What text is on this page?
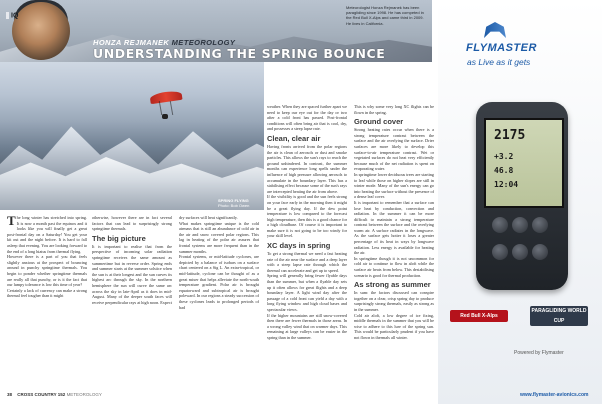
IQ
HONZA REJMANEK METEOROLOGY
UNDERSTANDING THE SPRING BOUNCE
Meteorologist Honza Rejmanek has been paragliding since 1998. He has competed in the Red Bull X-Alps and came third in 2009. He lives in California.
SPRING FLYING
Photo: Bob Owen

The long winter has stretched into spring. It is now a month past the equinox and it looks like you will finally get a great post-frontal day on a Saturday! You get your kit out and the night before. It is hard to fall asleep that evening. You are looking forward to the end of a long hiatus from thermal flying.

However there is a part of you that feels slightly anxious at the prospect of bouncing around in punchy springtime thermals. You begin to ponder whether springtime thermals are really all that punchy, or is it the fact that our lumpy tolerance is low this time of year?

Certainly a lack of currency can make a strong thermal feel tougher than it might

otherwise, however there are in fact several factors that can lead to surprisingly strong springtime thermals.

The big picture

It is important to realise that from the perspective of incoming solar radiation springtime receives the same amount as summertime but in reverse order. Spring ends and summer starts at the summer solstice when the sun is at their longest and the sun curves its highest arc through the sky. In the northern hemisphere the sun will curve the same arc across the sky in late-April as it does in mid-August. Many of the deeper south faces will receive perpendicular rays at high noon. Expect

dry surfaces will heat significantly.

What makes springtime unique is the cold airmass that is still an abundance of cold air in the air and snow covered polar regions. This lag in heating of the polar air assures that frontal systems are more frequent than in the summer months.

Frontal systems, or mid-latitude cyclones, are depicted by a balance of isobars on a surface chart centered on a Sig L. An extra-tropical, or mid-latitude, cyclone can be thought of as a great mixer that helps alleviate the north-south temperature gradient. Polar air is brought equatorward and subtropical air is brought poleward. In our regions a steady succession of these cyclones leads to prolonged periods of bad

weather. When they are spaced further apart we need to keep our eye out for the day or two after a cold front has passed. Post-frontal conditions will often bring air that is cool, dry, and possesses a steep lapse rate.

Clean, clear air

Having fronts arrived from the polar regions the air is clean of aerosols or dust and smoke particles. This allows the sun's rays to reach the ground unhindered. In contrast, the summer months can experience long spells under the influence of high pressure allowing aerosols to accumulate in the boundary layer. This has a stabilising effect because some of the sun's rays are intercepted heating the air from above.

If the visibility is good and the sun feels strong on your face early in the morning then it might be a great flying day. If the dew point temperature is low compared to the forecast high temperature, then this is a good chance for a high cloudbase. Of course it is important to make sure it is not going to be too windy for your skill level.

XC days in spring

To get a strong thermal we need a fast heating rate of the air near the surface and a deep layer with a steep lapse rate through which the thermal can accelerate and get up to speed.

Spring will generally bring fewer flyable days than the summer, but when a flyable day sets up it often allows for great flights and a deep boundary layer. A light wind day after the passage of a cold front can yield a day with a long flying window and high cloud bases and spectacular views.

If the higher mountains are still snow-covered then there are fewer thermals in those areas. In a wrong valley wind that on warmer days. This remaining at large valleys can be easier in the spring than in the summer.

This is why some very long XC flights can be flown in the spring.

Ground cover

Strong heating rates occur when there is a strong temperature contrast between the surface and the air overlying the surface. Drier surfaces are more likely to develop this surface-to-air temperature contrast. Wet or vegetated surfaces do not heat very efficiently because much of the net radiation is spent on evaporating water.

In springtime lower deciduous trees are starting to leaf while those on higher slopes are still in winter mode. Many of the sun's energy can go into heating the surface without the presence of a dense leaf cover.

It is important to remember that a surface can lose heat by conduction, convection and radiation. In the summer it can be more difficult to maintain a strong temperature contrast between the surface and the overlying warm air. A surface radiates in the longwave. As the surface gets hotter it loses a greater percentage of its heat in ways by longwave radiation. Less energy is available for heating the air.

In springtime though it is not uncommon for cold air to continue to flow in aloft while the surface air heats from below. This destabilising scenario is good for thermal production.

As strong as summer

In sum: the factors discussed can conspire together on a clear, crisp spring day to produce surprisingly strong thermals, easily as strong as in the summer.

Cold air aloft, a low degree of ice fixing, middle thermals in the summer that you will be wise to adhere to this lure of the spring sun. This would be particularly prudent if you have not flown in thermals all winter.

38 CROSS COUNTRY 152 METEOROLOGY
FLYMASTER
as Live as it gets
2175
+3.2
46.8
12:04

Red Bull X-Alps
PARAGLIDING WORLD CUP
Powered by Flymaster
www.flymaster-avionics.com
